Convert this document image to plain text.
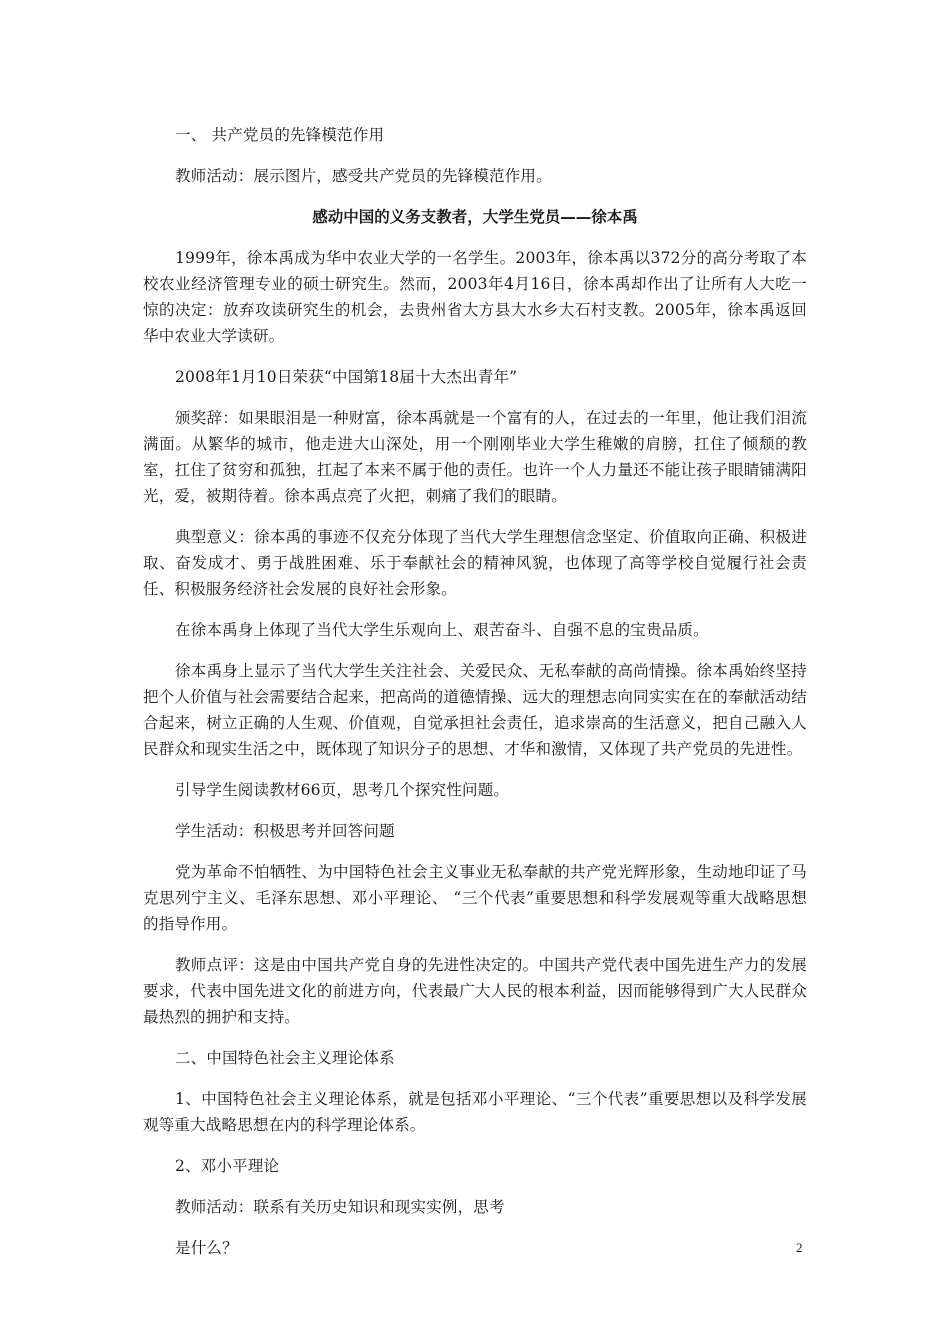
一、 共产党员的先锋模范作用

教师活动：展示图片，感受共产党员的先锋模范作用。

感动中国的义务支教者，大学生党员——徐本禹

1999年，徐本禹成为华中农业大学的一名学生。2003年，徐本禹以372分的高分考取了本校农业经济管理专业的硕士研究生。然而，2003年4月16日，徐本禹却作出了让所有人大吃一惊的决定：放弃攻读研究生的机会，去贵州省大方县大水乡大石村支教。2005年，徐本禹返回华中农业大学读研。

2008年1月10日荣获“中国第18届十大杰出青年”

颁奖辞：如果眼泪是一种财富，徐本禹就是一个富有的人，在过去的一年里，他让我们泪流满面。从繁华的城市，他走进大山深处，用一个刚刚毕业大学生稚嫩的肩膀，扛住了倾颓的教室，扛住了贫穷和孤独，扛起了本来不属于他的责任。也许一个人力量还不能让孩子眼睛铺满阳光，爱，被期待着。徐本禹点亮了火把，刺痛了我们的眼睛。

典型意义：徐本禹的事迹不仅充分体现了当代大学生理想信念坚定、价值取向正确、积极进取、奋发成才、勇于战胜困难、乐于奉献社会的精神风貌，也体现了高等学校自觉履行社会责任、积极服务经济社会发展的良好社会形象。

在徐本禹身上体现了当代大学生乐观向上、艰苦奋斗、自强不息的宝贵品质。

徐本禹身上显示了当代大学生关注社会、关爱民众、无私奉献的高尚情操。徐本禹始终坚持把个人价值与社会需要结合起来，把高尚的道德情操、远大的理想志向同实实在在的奉献活动结合起来，树立正确的人生观、价值观，自觉承担社会责任，追求崇高的生活意义，把自己融入人民群众和现实生活之中，既体现了知识分子的思想、才华和激情，又体现了共产党员的先进性。

引导学生阅读教材66页，思考几个探究性问题。

学生活动：积极思考并回答问题

党为革命不怕牺牲、为中国特色社会主义事业无私奉献的共产党光辉形象，生动地印证了马克思列宁主义、毛泽东思想、邓小平理论、 “三个代表”重要思想和科学发展观等重大战略思想的指导作用。

教师点评：这是由中国共产党自身的先进性决定的。中国共产党代表中国先进生产力的发展要求，代表中国先进文化的前进方向，代表最广大人民的根本利益，因而能够得到广大人民群众最热烈的拥护和支持。

二、中国特色社会主义理论体系

1、中国特色社会主义理论体系，就是包括邓小平理论、“三个代表”重要思想以及科学发展观等重大战略思想在内的科学理论体系。

2、邓小平理论

教师活动：联系有关历史知识和现实实例，思考

是什么？	2
